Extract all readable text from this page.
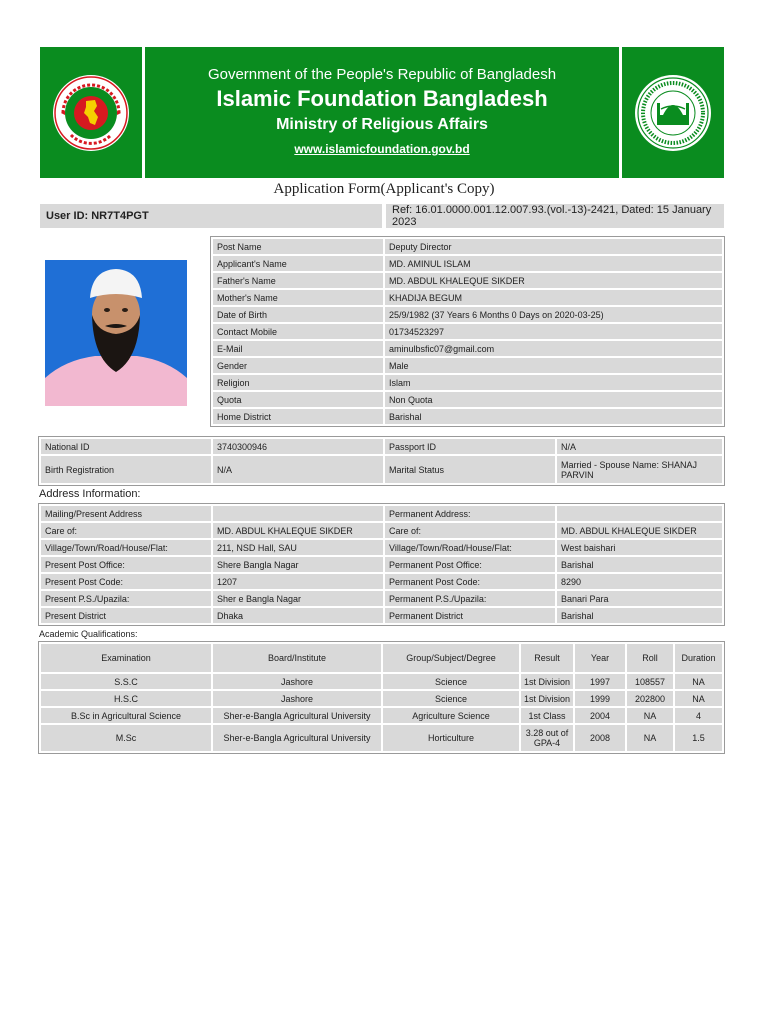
Government of the People's Republic of Bangladesh
Islamic Foundation Bangladesh
Ministry of Religious Affairs
www.islamicfoundation.gov.bd
Application Form(Applicant's Copy)
User ID: NR7T4PGT	Ref: 16.01.0000.001.12.007.93.(vol.-13)-2421, Dated: 15 January 2023
Post Name	Deputy Director
Applicant's Name	MD. AMINUL ISLAM
Father's Name	MD. ABDUL KHALEQUE SIKDER
Mother's Name	KHADIJA BEGUM
Date of Birth	25/9/1982 (37 Years 6 Months 0 Days on 2020-03-25)
Contact Mobile	01734523297
E-Mail	aminulbsfic07@gmail.com
Gender	Male
Religion	Islam
Quota	Non Quota
Home District	Barishal
National ID	3740300946	Passport ID	N/A
Birth Registration	N/A	Marital Status	Married - Spouse Name: SHANAJ PARVIN
Address Information:
Mailing/Present Address		Permanent Address:	
Care of:	MD. ABDUL KHALEQUE SIKDER	Care of:	MD. ABDUL KHALEQUE SIKDER
Village/Town/Road/House/Flat:	211, NSD Hall, SAU	Village/Town/Road/House/Flat:	West baishari
Present Post Office:	Shere Bangla Nagar	Permanent Post Office:	Barishal
Present Post Code:	1207	Permanent Post Code:	8290
Present P.S./Upazila:	Sher e Bangla Nagar	Permanent P.S./Upazila:	Banari Para
Present District	Dhaka	Permanent District	Barishal
Academic Qualifications:
Examination	Board/Institute	Group/Subject/Degree	Result	Year	Roll	Duration
S.S.C	Jashore	Science	1st Division	1997	108557	NA
H.S.C	Jashore	Science	1st Division	1999	202800	NA
B.Sc in Agricultural Science	Sher-e-Bangla Agricultural University	Agriculture Science	1st Class	2004	NA	4
M.Sc	Sher-e-Bangla Agricultural University	Horticulture	3.28 out of GPA-4	2008	NA	1.5
